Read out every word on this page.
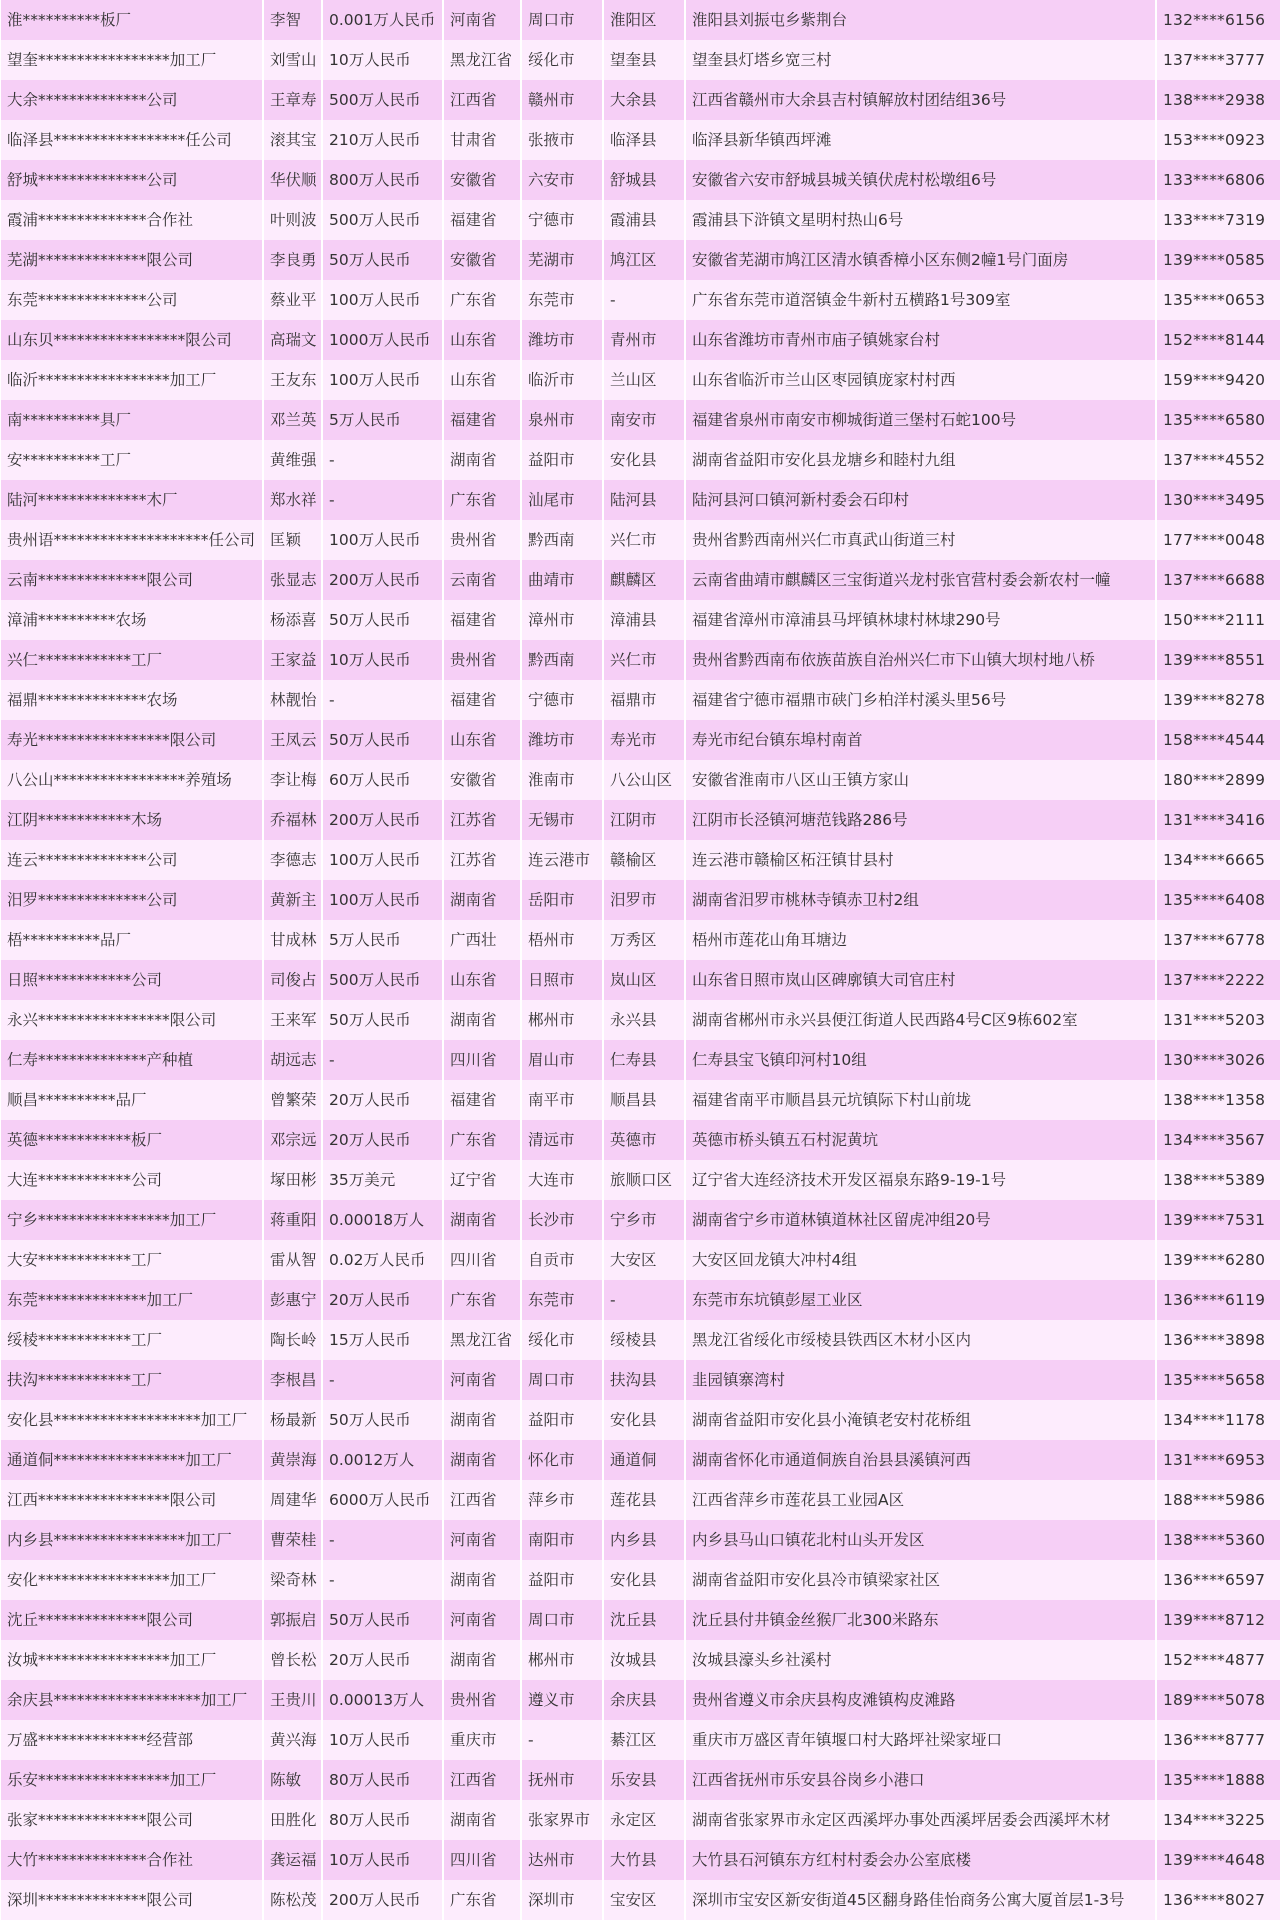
淮**********板厂	李智	0.001万人民币	河南省	周口市	淮阳区	淮阳县刘振屯乡紫荆台	132****6156
望奎*****************加工厂	刘雪山	10万人民币	黑龙江省	绥化市	望奎县	望奎县灯塔乡宽三村	137****3777
大余**************公司	王章寿	500万人民币	江西省	赣州市	大余县	江西省赣州市大余县吉村镇解放村团结组36号	138****2938
临泽县*****************任公司	滚其宝	210万人民币	甘肃省	张掖市	临泽县	临泽县新华镇西坪滩	153****0923
舒城**************公司	华伏顺	800万人民币	安徽省	六安市	舒城县	安徽省六安市舒城县城关镇伏虎村松墩组6号	133****6806
霞浦**************合作社	叶则波	500万人民币	福建省	宁德市	霞浦县	霞浦县下浒镇文星明村热山6号	133****7319
芜湖**************限公司	李良勇	50万人民币	安徽省	芜湖市	鸠江区	安徽省芜湖市鸠江区清水镇香樟小区东侧2幢1号门面房	139****0585
东莞**************公司	蔡业平	100万人民币	广东省	东莞市	-	广东省东莞市道滘镇金牛新村五横路1号309室	135****0653
山东贝*****************限公司	高瑞文	1000万人民币	山东省	潍坊市	青州市	山东省潍坊市青州市庙子镇姚家台村	152****8144
临沂*****************加工厂	王友东	100万人民币	山东省	临沂市	兰山区	山东省临沂市兰山区枣园镇庞家村村西	159****9420
南**********具厂	邓兰英	5万人民币	福建省	泉州市	南安市	福建省泉州市南安市柳城街道三堡村石蛇100号	135****6580
安**********工厂	黄维强	-	湖南省	益阳市	安化县	湖南省益阳市安化县龙塘乡和睦村九组	137****4552
陆河**************木厂	郑水祥	-	广东省	汕尾市	陆河县	陆河县河口镇河新村委会石印村	130****3495
贵州语********************任公司	匡颖	100万人民币	贵州省	黔西南	兴仁市	贵州省黔西南州兴仁市真武山街道三村	177****0048
云南**************限公司	张显志	200万人民币	云南省	曲靖市	麒麟区	云南省曲靖市麒麟区三宝街道兴龙村张官营村委会新农村一幢	137****6688
漳浦**********农场	杨添喜	50万人民币	福建省	漳州市	漳浦县	福建省漳州市漳浦县马坪镇林埭村林埭290号	150****2111
兴仁************工厂	王家益	10万人民币	贵州省	黔西南	兴仁市	贵州省黔西南布依族苗族自治州兴仁市下山镇大坝村地八桥	139****8551
福鼎**************农场	林靓怡	-	福建省	宁德市	福鼎市	福建省宁德市福鼎市硖门乡柏洋村溪头里56号	139****8278
寿光*****************限公司	王凤云	50万人民币	山东省	潍坊市	寿光市	寿光市纪台镇东埠村南首	158****4544
八公山*****************养殖场	李让梅	60万人民币	安徽省	淮南市	八公山区	安徽省淮南市八区山王镇方家山	180****2899
江阴************木场	乔福林	200万人民币	江苏省	无锡市	江阴市	江阴市长泾镇河塘范钱路286号	131****3416
连云**************公司	李德志	100万人民币	江苏省	连云港市	赣榆区	连云港市赣榆区柘汪镇甘县村	134****6665
汨罗**************公司	黄新主	100万人民币	湖南省	岳阳市	汨罗市	湖南省汨罗市桃林寺镇赤卫村2组	135****6408
梧**********品厂	甘成林	5万人民币	广西壮	梧州市	万秀区	梧州市莲花山角耳塘边	137****6778
日照************公司	司俊占	500万人民币	山东省	日照市	岚山区	山东省日照市岚山区碑廓镇大司官庄村	137****2222
永兴*****************限公司	王来军	50万人民币	湖南省	郴州市	永兴县	湖南省郴州市永兴县便江街道人民西路4号C区9栋602室	131****5203
仁寿**************产种植	胡远志	-	四川省	眉山市	仁寿县	仁寿县宝飞镇印河村10组	130****3026
顺昌**********品厂	曾繁荣	20万人民币	福建省	南平市	顺昌县	福建省南平市顺昌县元坑镇际下村山前垅	138****1358
英德************板厂	邓宗远	20万人民币	广东省	清远市	英德市	英德市桥头镇五石村泥黄坑	134****3567
大连************公司	塚田彬	35万美元	辽宁省	大连市	旅顺口区	辽宁省大连经济技术开发区福泉东路9-19-1号	138****5389
宁乡*****************加工厂	蒋重阳	0.00018万人	湖南省	长沙市	宁乡市	湖南省宁乡市道林镇道林社区留虎冲组20号	139****7531
大安************工厂	雷从智	0.02万人民币	四川省	自贡市	大安区	大安区回龙镇大冲村4组	139****6280
东莞**************加工厂	彭惠宁	20万人民币	广东省	东莞市	-	东莞市东坑镇彭屋工业区	136****6119
绥棱************工厂	陶长岭	15万人民币	黑龙江省	绥化市	绥棱县	黑龙江省绥化市绥棱县铁西区木材小区内	136****3898
扶沟************工厂	李根昌	-	河南省	周口市	扶沟县	韭园镇寨湾村	135****5658
安化县*******************加工厂	杨最新	50万人民币	湖南省	益阳市	安化县	湖南省益阳市安化县小淹镇老安村花桥组	134****1178
通道侗*****************加工厂	黄崇海	0.0012万人	湖南省	怀化市	通道侗	湖南省怀化市通道侗族自治县县溪镇河西	131****6953
江西*****************限公司	周建华	6000万人民币	江西省	萍乡市	莲花县	江西省萍乡市莲花县工业园A区	188****5986
内乡县*****************加工厂	曹荣桂	-	河南省	南阳市	内乡县	内乡县马山口镇花北村山头开发区	138****5360
安化*****************加工厂	梁奇林	-	湖南省	益阳市	安化县	湖南省益阳市安化县冷市镇梁家社区	136****6597
沈丘**************限公司	郭振启	50万人民币	河南省	周口市	沈丘县	沈丘县付井镇金丝猴厂北300米路东	139****8712
汝城*****************加工厂	曾长松	20万人民币	湖南省	郴州市	汝城县	汝城县濠头乡社溪村	152****4877
余庆县*******************加工厂	王贵川	0.00013万人	贵州省	遵义市	余庆县	贵州省遵义市余庆县构皮滩镇构皮滩路	189****5078
万盛**************经营部	黄兴海	10万人民币	重庆市	-	綦江区	重庆市万盛区青年镇堰口村大路坪社梁家垭口	136****8777
乐安*****************加工厂	陈敏	80万人民币	江西省	抚州市	乐安县	江西省抚州市乐安县谷岗乡小港口	135****1888
张家**************限公司	田胜化	80万人民币	湖南省	张家界市	永定区	湖南省张家界市永定区西溪坪办事处西溪坪居委会西溪坪木材	134****3225
大竹**************合作社	龚运福	10万人民币	四川省	达州市	大竹县	大竹县石河镇东方红村村委会办公室底楼	139****4648
深圳**************限公司	陈松茂	200万人民币	广东省	深圳市	宝安区	深圳市宝安区新安街道45区翻身路佳怡商务公寓大厦首层1-3号	136****8027
